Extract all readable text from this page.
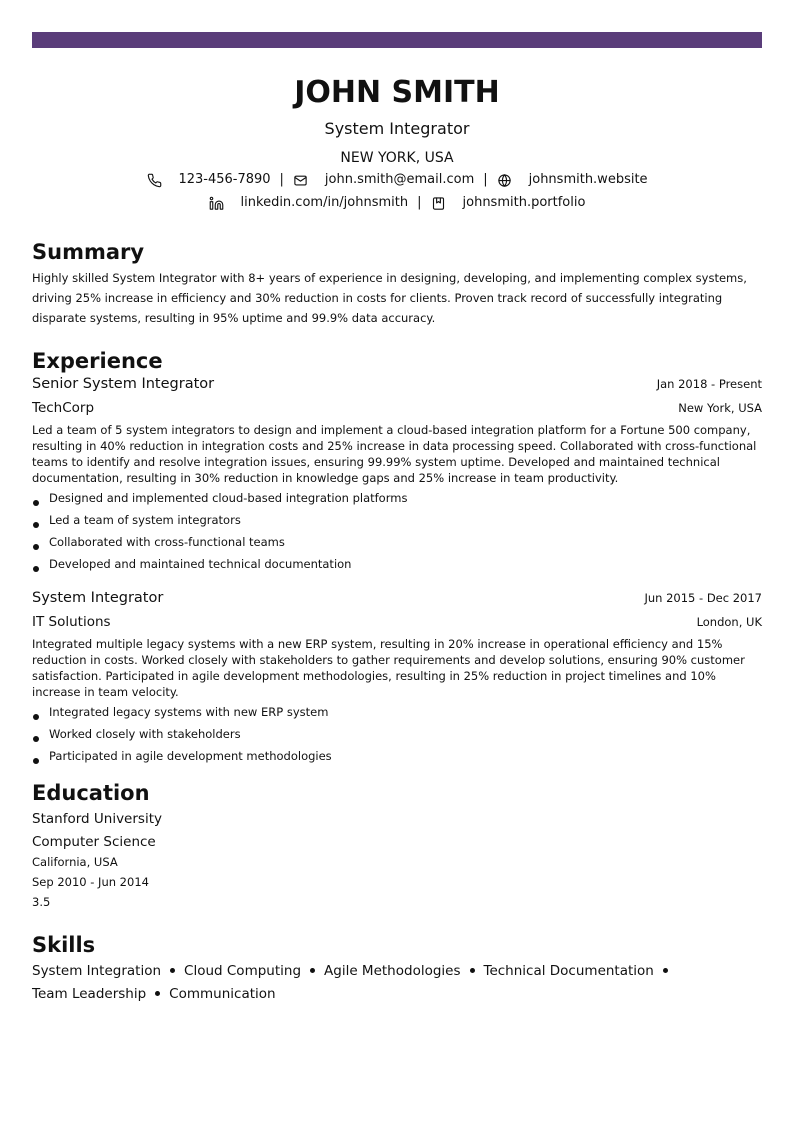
JOHN SMITH
System Integrator
NEW YORK, USA
123-456-7890 |	john.smith@email.com |	johnsmith.website
linkedin.com/in/johnsmith |	johnsmith.portfolio
Summary

Highly skilled System Integrator with 8+ years of experience in designing, developing, and implementing complex systems, driving 25% increase in efficiency and 30% reduction in costs for clients. Proven track record of successfully integrating disparate systems, resulting in 95% uptime and 99.9% data accuracy.

Experience
Senior System Integrator	Jan 2018 - Present
TechCorp	New York, USA
Led a team of 5 system integrators to design and implement a cloud-based integration platform for a Fortune 500 company, resulting in 40% reduction in integration costs and 25% increase in data processing speed. Collaborated with cross-functional teams to identify and resolve integration issues, ensuring 99.99% system uptime. Developed and maintained technical documentation, resulting in 30% reduction in knowledge gaps and 25% increase in team productivity.
Designed and implemented cloud-based integration platforms
Led a team of system integrators
Collaborated with cross-functional teams
Developed and maintained technical documentation
System Integrator	Jun 2015 - Dec 2017
IT Solutions	London, UK
Integrated multiple legacy systems with a new ERP system, resulting in 20% increase in operational efficiency and 15% reduction in costs. Worked closely with stakeholders to gather requirements and develop solutions, ensuring 90% customer satisfaction. Participated in agile development methodologies, resulting in 25% reduction in project timelines and 10% increase in team velocity.
Integrated legacy systems with new ERP system
Worked closely with stakeholders
Participated in agile development methodologies
Education
Stanford University
Computer Science
California, USA
Sep 2010 - Jun 2014
3.5
Skills
System Integration Cloud Computing Agile Methodologies Technical DocumentationTeam Leadership Communication
